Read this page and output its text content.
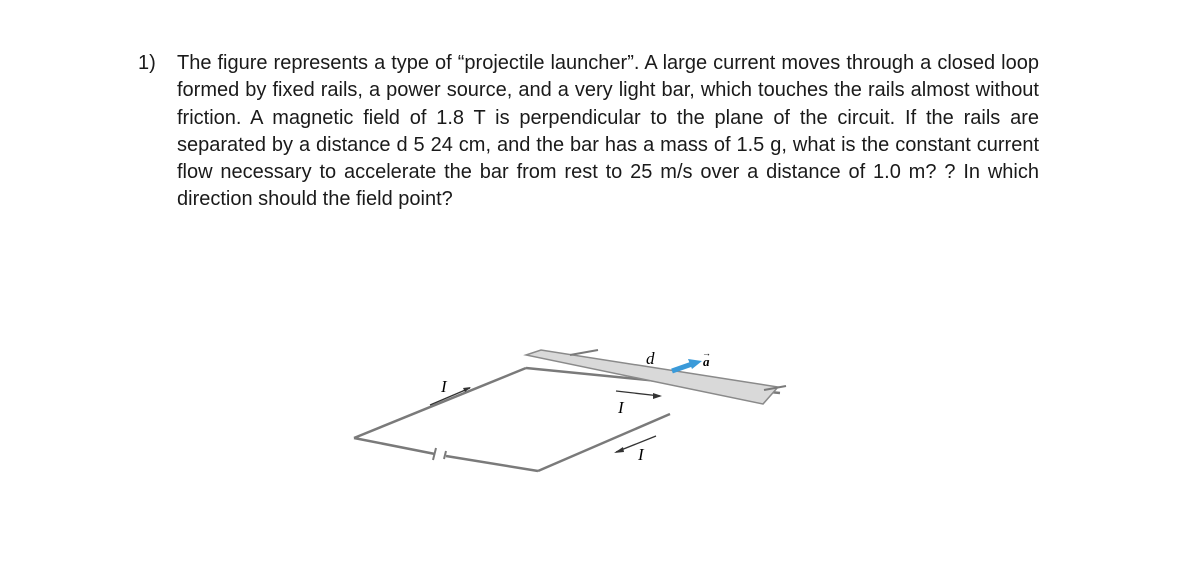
1) The figure represents a type of “projectile launcher”. A large current moves through a closed loop formed by fixed rails, a power source, and a very light bar, which touches the rails almost without friction. A magnetic field of 1.8 T is perpendicular to the plane of the circuit. If the rails are separated by a distance d 5 24 cm, and the bar has a mass of 1.5 g, what is the constant current flow necessary to accelerate the bar from rest to 25 m/s over a distance of 1.0 m? ? In which direction should the field point?
a
→
d
I
I
I
